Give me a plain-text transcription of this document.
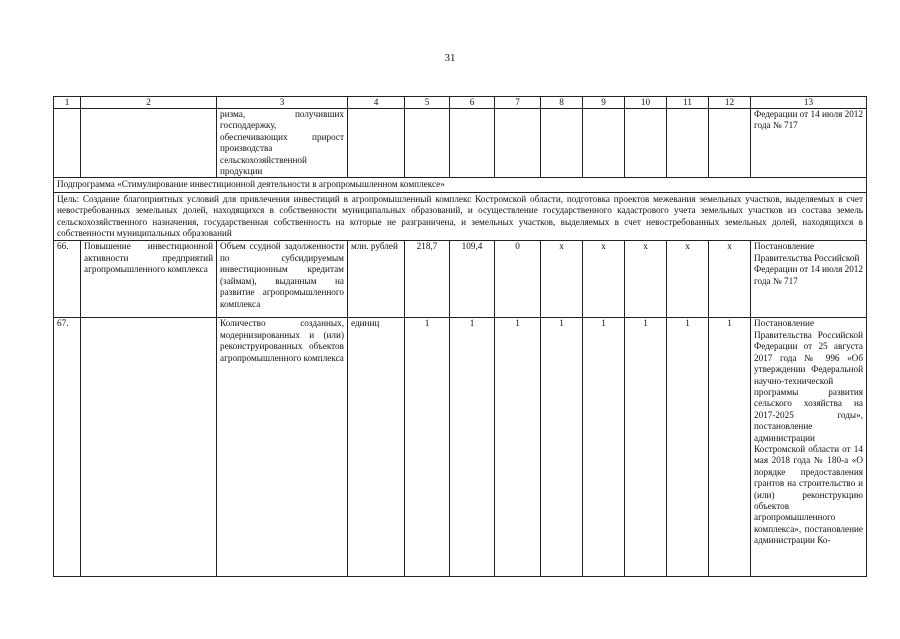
31
1	2	3	4	5	6	7	8	9	10	11	12	13
		ризма, получивших господдержку, обеспечивающих прирост производства сельскохозяйственной продукции										Федерации от 14 июля 2012 года № 717
Подпрограмма «Стимулирование инвестиционной деятельности в агропромышленном комплексе»												
Цель: Создание благоприятных условий для привлечения инвестиций в агропромышленный комплекс Костромской области, подготовка проектов межевания земельных участков, выделяемых в счет невостребованных земельных долей, находящихся в собственности муниципальных образований, и осуществление государственного кадастрового учета земельных участков из состава земель сельскохозяйственного назначения, государственная собственность на которые не разграничена, и земельных участков, выделяемых в счет невостребованных земельных долей, находящихся в собственности муниципальных образований												
66.	Повышение инвестиционной активности предприятий агропромышленного комплекса	Объем ссудной задолженности по субсидируемым инвестиционным кредитам (займам), выданным на развитие агропромышленного комплекса	млн. рублей	218,7	109,4	0	x	x	x	x	x	Постановление Правительства Российской Федерации от 14 июля 2012 года № 717
67.		Количество созданных, модернизированных и (или) реконструированных объектов агропромышленного комплекса	единиц	1	1	1	1	1	1	1	1	Постановление Правительства Российской Федерации от 25 августа 2017 года № 996 «Об утверждении Федеральной научно-технической программы развития сельского хозяйства на 2017-2025 годы», постановление администрации Костромской области от 14 мая 2018 года № 180-а «О порядке предоставления грантов на строительство и (или) реконструкцию объектов агропромышленного комплекса», постановление администрации Ко-
